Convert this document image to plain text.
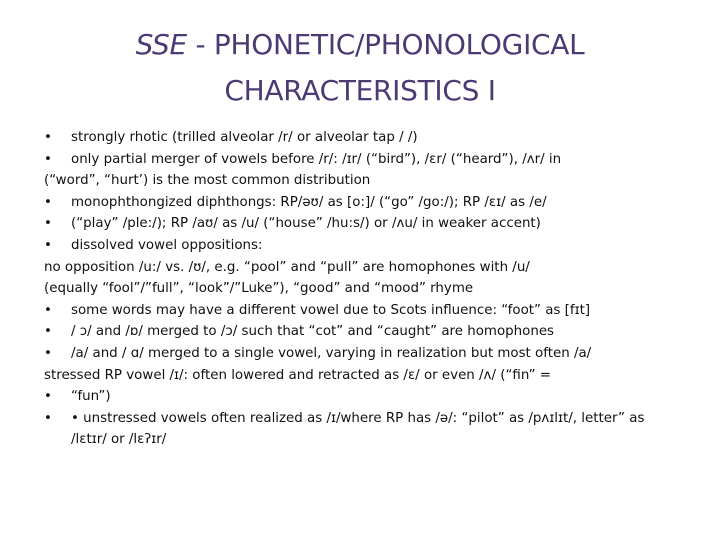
SSE - PHONETIC/PHONOLOGICAL
CHARACTERISTICS I
• strongly rhotic (trilled alveolar /r/ or alveolar tap / /)
• only partial merger of vowels before /r/: /ɪr/ (“bird”), /ɛr/ (“heard”), /ʌr/ in
(“word”, “hurt’) is the most common distribution
• monophthongized diphthongs: RP/əʊ/ as [o:]/ (“go” /go:/); RP /ɛɪ/ as /e/
• (“play” /ple:/); RP /aʊ/ as /u/ (“house” /hu:s/) or /ʌu/ in weaker accent)
• dissolved vowel oppositions:
no opposition /u:/ vs. /ʊ/, e.g. “pool” and “pull” are homophones with /u/
(equally “fool”/”full”, “look”/”Luke”), “good” and “mood” rhyme
• some words may have a different vowel due to Scots influence: “foot” as [fɪt]
• / ɔ/ and /ɒ/ merged to /ɔ/ such that “cot” and “caught” are homophones
• /a/ and / ɑ/ merged to a single vowel, varying in realization but most often /a/
stressed RP vowel /ɪ/: often lowered and retracted as /ɛ/ or even /ʌ/ (“fin” =
• “fun”)
• • unstressed vowels often realized as /ɪ/where RP has /ə/: “pilot” as /pʌɪlɪt/, letter” as /lɛtɪr/ or /lɛʔɪr/
